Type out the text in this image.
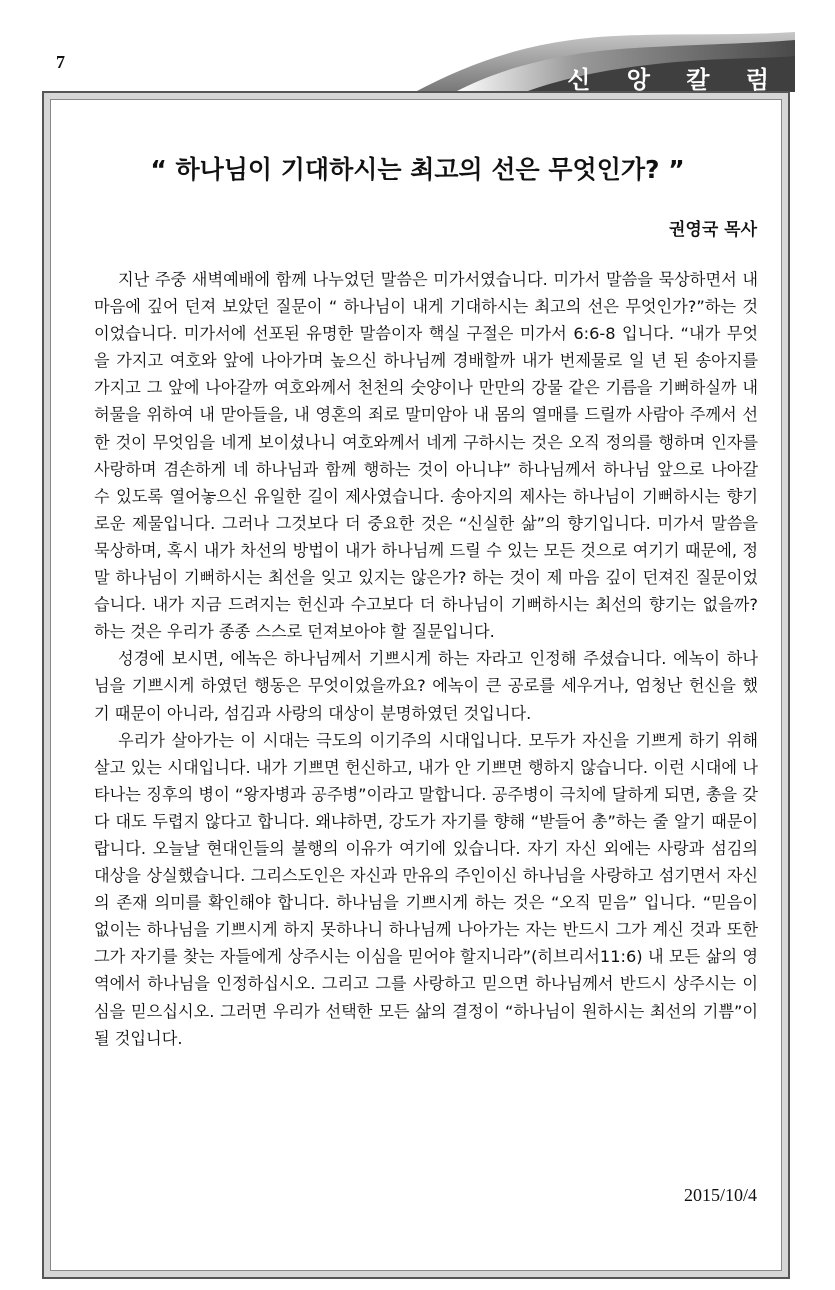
7
신 앙 칼 럼
“ 하나님이 기대하시는 최고의 선은 무엇인가? ”
권영국 목사

지난 주중 새벽예배에 함께 나누었던 말씀은 미가서였습니다. 미가서 말씀을 묵상하면서 내 마음에 깊어 던져 보았던 질문이 “ 하나님이 내게 기대하시는 최고의 선은 무엇인가?”하는 것이었습니다. 미가서에 선포된 유명한 말씀이자 핵실 구절은 미가서 6:6-8 입니다. “내가 무엇을 가지고 여호와 앞에 나아가며 높으신 하나님께 경배할까 내가 번제물로 일 년 된 송아지를 가지고 그 앞에 나아갈까 여호와께서 천천의 숫양이나 만만의 강물 같은 기름을 기뻐하실까 내 허물을 위하여 내 맏아들을, 내 영혼의 죄로 말미암아 내 몸의 열매를 드릴까 사람아 주께서 선한 것이 무엇임을 네게 보이셨나니 여호와께서 네게 구하시는 것은 오직 정의를 행하며 인자를 사랑하며 겸손하게 네 하나님과 함께 행하는 것이 아니냐” 하나님께서 하나님 앞으로 나아갈 수 있도록 열어놓으신 유일한 길이 제사였습니다. 송아지의 제사는 하나님이 기뻐하시는 향기로운 제물입니다. 그러나 그것보다 더 중요한 것은 “신실한 삶”의 향기입니다. 미가서 말씀을 묵상하며, 혹시 내가 차선의 방법이 내가 하나님께 드릴 수 있는 모든 것으로 여기기 때문에, 정말 하나님이 기뻐하시는 최선을 잊고 있지는 않은가? 하는 것이 제 마음 깊이 던져진 질문이었습니다. 내가 지금 드려지는 헌신과 수고보다 더 하나님이 기뻐하시는 최선의 향기는 없을까? 하는 것은 우리가 종종 스스로 던져보아야 할 질문입니다.

성경에 보시면, 에녹은 하나님께서 기쁘시게 하는 자라고 인정해 주셨습니다. 에녹이 하나님을 기쁘시게 하였던 행동은 무엇이었을까요? 에녹이 큰 공로를 세우거나, 엄청난 헌신을 했기 때문이 아니라, 섬김과 사랑의 대상이 분명하였던 것입니다.

우리가 살아가는 이 시대는 극도의 이기주의 시대입니다. 모두가 자신을 기쁘게 하기 위해 살고 있는 시대입니다. 내가 기쁘면 헌신하고, 내가 안 기쁘면 행하지 않습니다. 이런 시대에 나타나는 징후의 병이 “왕자병과 공주병”이라고 말합니다. 공주병이 극치에 달하게 되면, 총을 갖다 대도 두렵지 않다고 합니다. 왜냐하면, 강도가 자기를 향해 “받들어 총”하는 줄 알기 때문이랍니다. 오늘날 현대인들의 불행의 이유가 여기에 있습니다. 자기 자신 외에는 사랑과 섬김의 대상을 상실했습니다. 그리스도인은 자신과 만유의 주인이신 하나님을 사랑하고 섬기면서 자신의 존재 의미를 확인해야 합니다. 하나님을 기쁘시게 하는 것은 “오직 믿음” 입니다. “믿음이 없이는 하나님을 기쁘시게 하지 못하나니 하나님께 나아가는 자는 반드시 그가 계신 것과 또한 그가 자기를 찾는 자들에게 상주시는 이심을 믿어야 할지니라”(히브리서11:6) 내 모든 삶의 영역에서 하나님을 인정하십시오. 그리고 그를 사랑하고 믿으면 하나님께서 반드시 상주시는 이심을 믿으십시오. 그러면 우리가 선택한 모든 삶의 결정이 “하나님이 원하시는 최선의 기쁨”이 될 것입니다.

2015/10/4
